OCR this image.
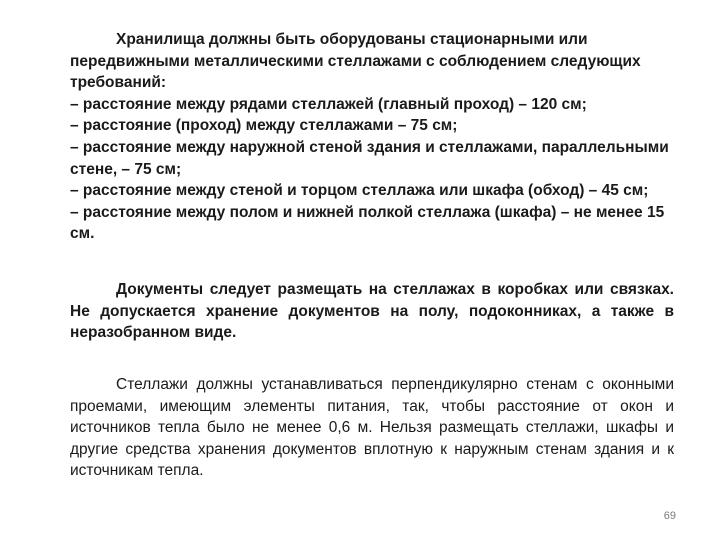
Хранилища должны быть оборудованы стационарными или передвижными металлическими стеллажами с соблюдением следующих требований:

– расстояние между рядами стеллажей (главный проход) – 120 см;
– расстояние (проход) между стеллажами – 75 см;
– расстояние между наружной стеной здания и стеллажами, параллельными стене, – 75 см;
– расстояние между стеной и торцом стеллажа или шкафа (обход) – 45 см;
– расстояние между полом и нижней полкой стеллажа (шкафа) – не менее 15 см.

Документы следует размещать на стеллажах в коробках или связках. Не допускается хранение документов на полу, подоконниках, а также в неразобранном виде.

Стеллажи должны устанавливаться перпендикулярно стенам с оконными проемами, имеющим элементы питания, так, чтобы расстояние от окон и источников тепла было не менее 0,6 м. Нельзя размещать стеллажи, шкафы и другие средства хранения документов вплотную к наружным стенам здания и к источникам тепла.

69
